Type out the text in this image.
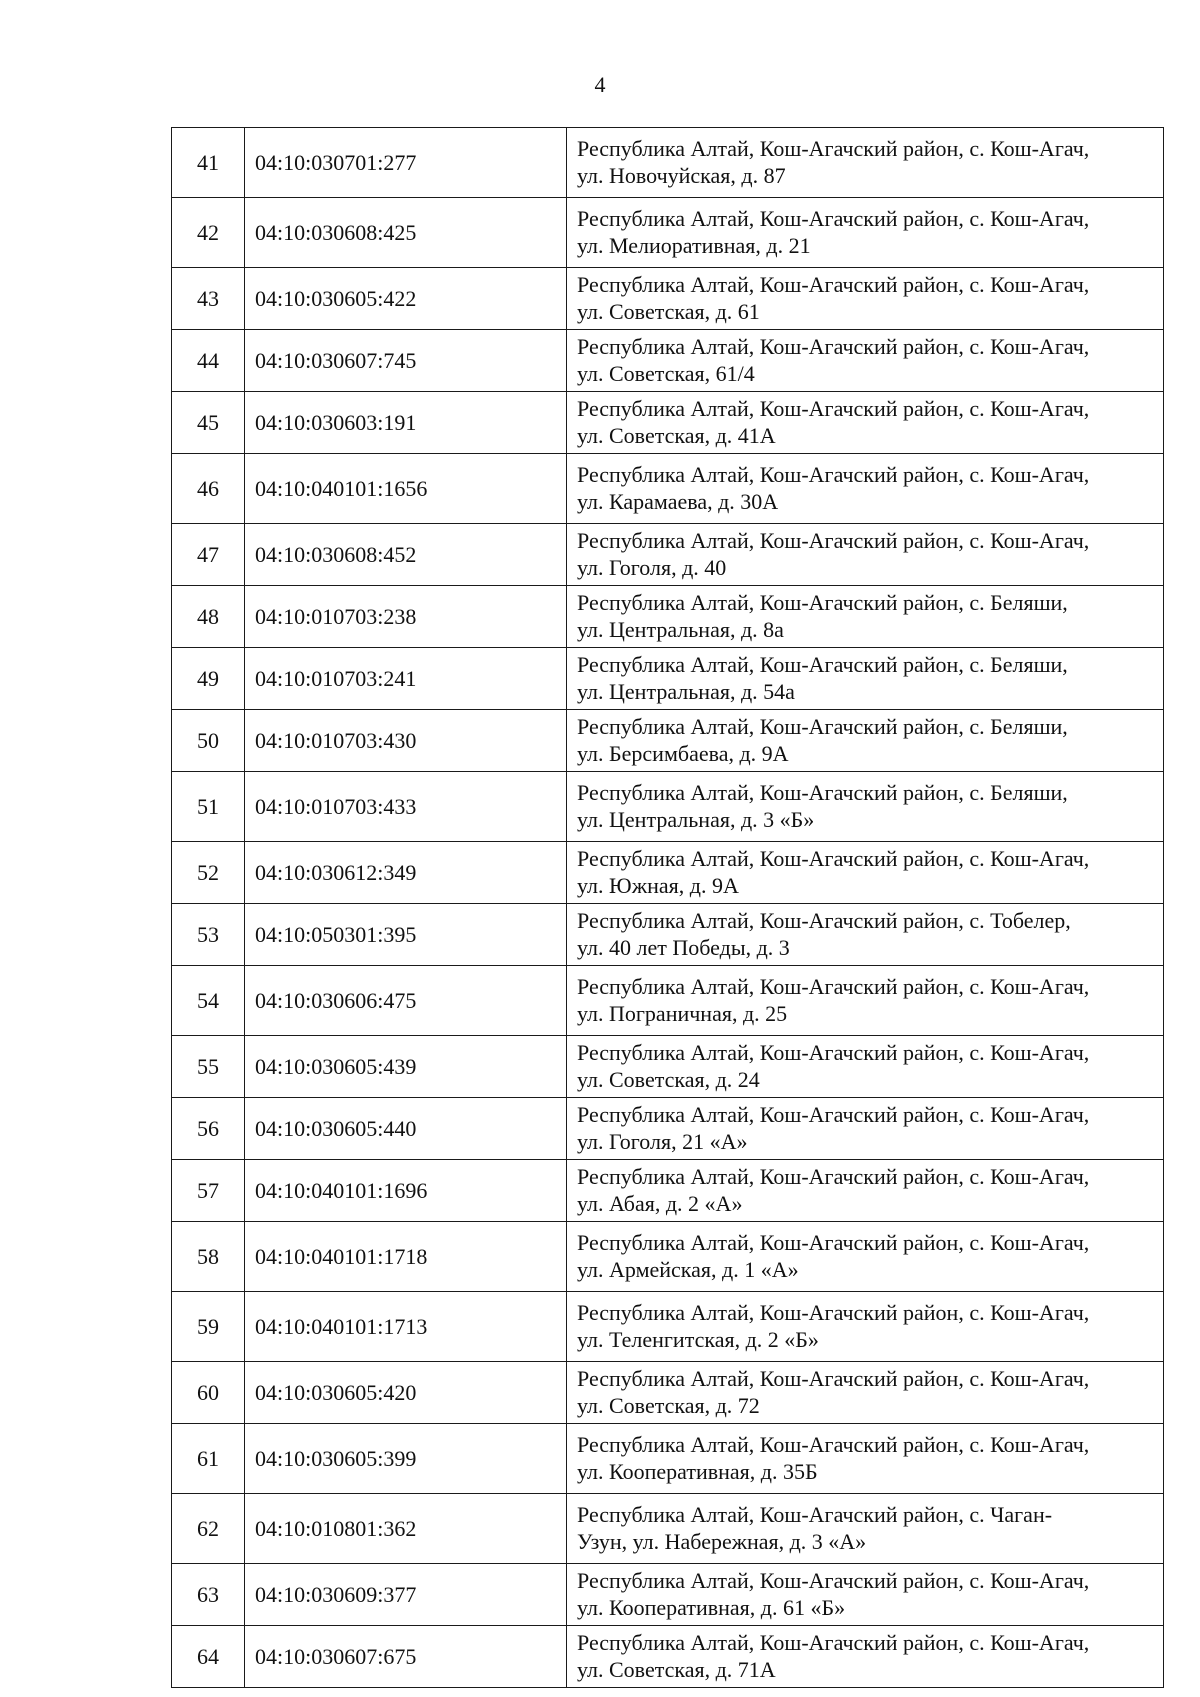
4
41	04:10:030701:277	Республика Алтай, Кош-Агачский район, с. Кош-Агач,
ул. Новочуйская, д. 87
42	04:10:030608:425	Республика Алтай, Кош-Агачский район, с. Кош-Агач,
ул. Мелиоративная, д. 21
43	04:10:030605:422	Республика Алтай, Кош-Агачский район, с. Кош-Агач,
ул. Советская, д. 61
44	04:10:030607:745	Республика Алтай, Кош-Агачский район, с. Кош-Агач,
ул. Советская, 61/4
45	04:10:030603:191	Республика Алтай, Кош-Агачский район, с. Кош-Агач,
ул. Советская, д. 41А
46	04:10:040101:1656	Республика Алтай, Кош-Агачский район, с. Кош-Агач,
ул. Карамаева, д. 30А
47	04:10:030608:452	Республика Алтай, Кош-Агачский район, с. Кош-Агач,
ул. Гоголя, д. 40
48	04:10:010703:238	Республика Алтай, Кош-Агачский район, с. Беляши,
ул. Центральная, д. 8а
49	04:10:010703:241	Республика Алтай, Кош-Агачский район, с. Беляши,
ул. Центральная, д. 54а
50	04:10:010703:430	Республика Алтай, Кош-Агачский район, с. Беляши,
ул. Берсимбаева, д. 9А
51	04:10:010703:433	Республика Алтай, Кош-Агачский район, с. Беляши,
ул. Центральная, д. 3 «Б»
52	04:10:030612:349	Республика Алтай, Кош-Агачский район, с. Кош-Агач,
ул. Южная, д. 9А
53	04:10:050301:395	Республика Алтай, Кош-Агачский район, с. Тобелер,
ул. 40 лет Победы, д. 3
54	04:10:030606:475	Республика Алтай, Кош-Агачский район, с. Кош-Агач,
ул. Пограничная, д. 25
55	04:10:030605:439	Республика Алтай, Кош-Агачский район, с. Кош-Агач,
ул. Советская, д. 24
56	04:10:030605:440	Республика Алтай, Кош-Агачский район, с. Кош-Агач,
ул. Гоголя, 21 «А»
57	04:10:040101:1696	Республика Алтай, Кош-Агачский район, с. Кош-Агач,
ул. Абая, д. 2 «А»
58	04:10:040101:1718	Республика Алтай, Кош-Агачский район, с. Кош-Агач,
ул. Армейская, д. 1 «А»
59	04:10:040101:1713	Республика Алтай, Кош-Агачский район, с. Кош-Агач,
ул. Теленгитская, д. 2 «Б»
60	04:10:030605:420	Республика Алтай, Кош-Агачский район, с. Кош-Агач,
ул. Советская, д. 72
61	04:10:030605:399	Республика Алтай, Кош-Агачский район, с. Кош-Агач,
ул. Кооперативная, д. 35Б
62	04:10:010801:362	Республика Алтай, Кош-Агачский район, с. Чаган-
Узун, ул. Набережная, д. 3 «А»
63	04:10:030609:377	Республика Алтай, Кош-Агачский район, с. Кош-Агач,
ул. Кооперативная, д. 61 «Б»
64	04:10:030607:675	Республика Алтай, Кош-Агачский район, с. Кош-Агач,
ул. Советская, д. 71А
